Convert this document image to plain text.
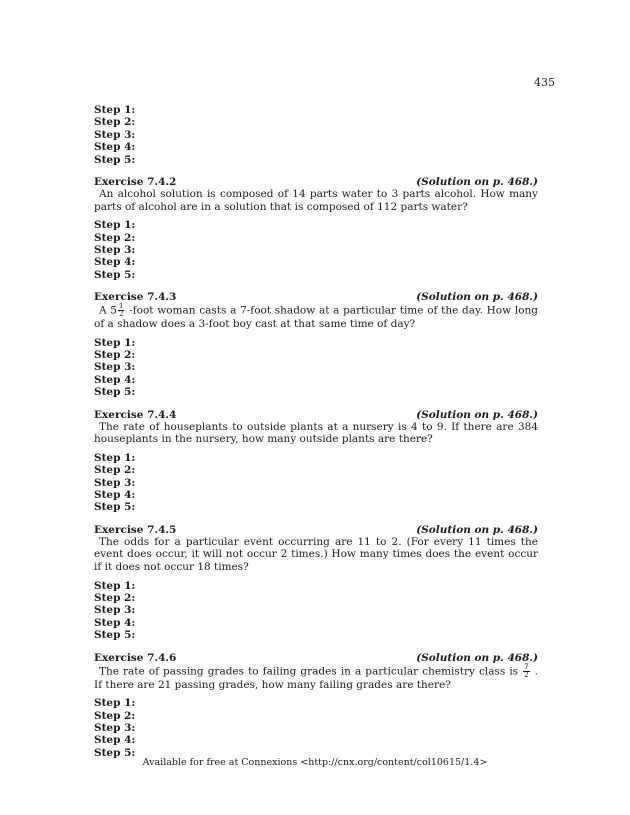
435
Step 1:
Step 2:
Step 3:
Step 4:
Step 5:
Exercise 7.4.2	(Solution on p. 468.)

An alcohol solution is composed of 14 parts water to 3 parts alcohol. How many parts of alcohol are in a solution that is composed of 112 parts water?

Step 1:
Step 2:
Step 3:
Step 4:
Step 5:
Exercise 7.4.3	(Solution on p. 468.)

A $5 \frac{1}{2}$ -foot woman casts a 7-foot shadow at a particular time of the day. How long of a shadow does a 3-foot boy cast at that same time of day?

Step 1:
Step 2:
Step 3:
Step 4:
Step 5:
Exercise 7.4.4	(Solution on p. 468.)

The rate of houseplants to outside plants at a nursery is 4 to 9. If there are 384 houseplants in the nursery, how many outside plants are there?

Step 1:
Step 2:
Step 3:
Step 4:
Step 5:
Exercise 7.4.5	(Solution on p. 468.)

The odds for a particular event occurring are 11 to 2. (For every 11 times the event does occur, it will not occur 2 times.) How many times does the event occur if it does not occur 18 times?

Step 1:
Step 2:
Step 3:
Step 4:
Step 5:
Exercise 7.4.6	(Solution on p. 468.)

The rate of passing grades to failing grades in a particular chemistry class is $\frac{7}{2}$ . If there are 21 passing grades, how many failing grades are there?

Step 1:
Step 2:
Step 3:
Step 4:
Step 5:
Available for free at Connexions <http://cnx.org/content/col10615/1.4>
